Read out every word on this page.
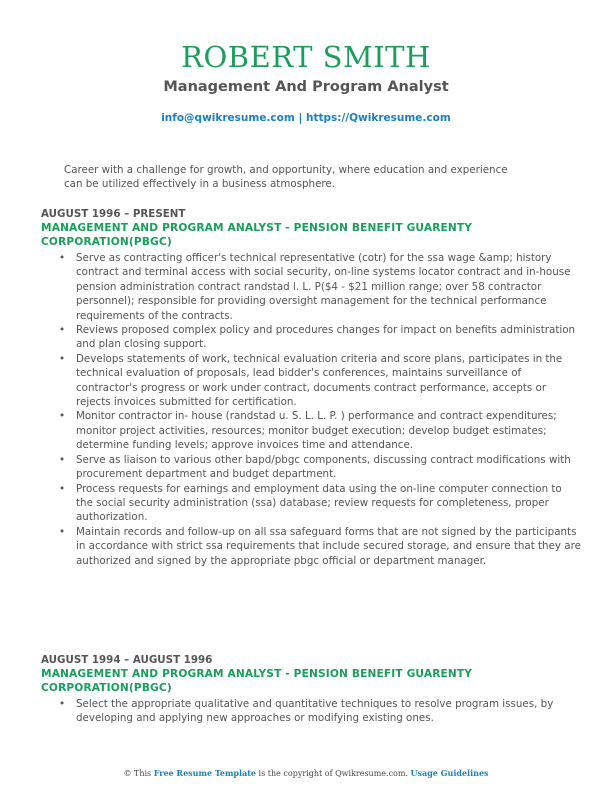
ROBERT SMITH
Management And Program Analyst
info@qwikresume.com | https://Qwikresume.com
Career with a challenge for growth, and opportunity, where education and experience can be utilized effectively in a business atmosphere.
AUGUST 1996 – PRESENT
MANAGEMENT AND PROGRAM ANALYST - PENSION BENEFIT GUARENTY CORPORATION(PBGC)
• Serve as contracting officer's technical representative (cotr) for the ssa wage &amp; history contract and terminal access with social security, on-line systems locator contract and in-house pension administration contract randstad l. L. P($4 - $21 million range; over 58 contractor personnel); responsible for providing oversight management for the technical performance requirements of the contracts.
• Reviews proposed complex policy and procedures changes for impact on benefits administration and plan closing support.
• Develops statements of work, technical evaluation criteria and score plans, participates in the technical evaluation of proposals, lead bidder's conferences, maintains surveillance of contractor's progress or work under contract, documents contract performance, accepts or rejects invoices submitted for certification.
• Monitor contractor in- house (randstad u. S. L. L. P. ) performance and contract expenditures; monitor project activities, resources; monitor budget execution; develop budget estimates; determine funding levels; approve invoices time and attendance.
• Serve as liaison to various other bapd/pbgc components, discussing contract modifications with procurement department and budget department.
• Process requests for earnings and employment data using the on-line computer connection to the social security administration (ssa) database; review requests for completeness, proper authorization.
• Maintain records and follow-up on all ssa safeguard forms that are not signed by the participants in accordance with strict ssa requirements that include secured storage, and ensure that they are authorized and signed by the appropriate pbgc official or department manager.
AUGUST 1994 – AUGUST 1996
MANAGEMENT AND PROGRAM ANALYST - PENSION BENEFIT GUARENTY CORPORATION(PBGC)
• Select the appropriate qualitative and quantitative techniques to resolve program issues, by developing and applying new approaches or modifying existing ones.
© This Free Resume Template is the copyright of Qwikresume.com. Usage Guidelines
